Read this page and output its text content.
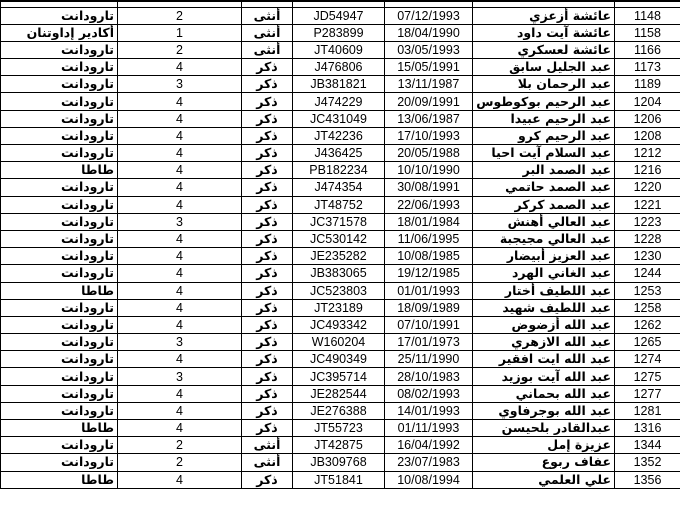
تارودانت	2	أنثى	JD54947	07/12/1993	عائشة أزعزي	1148
أكادير إداوتنان	1	أنثى	P283899	18/04/1990	عائشة آيت داود	1158
تارودانت	2	أنثى	JT40609	03/05/1993	عائشة لعسكري	1166
تارودانت	4	ذكر	J476806	15/05/1991	عبد الجليل سابق	1173
تارودانت	3	ذكر	JB381821	13/11/1987	عبد الرحمان بلا	1189
تارودانت	4	ذكر	J474229	20/09/1991	عبد الرحيم بوكوطوس	1204
تارودانت	4	ذكر	JC431049	13/06/1987	عبد الرحيم عبيدا	1206
تارودانت	4	ذكر	JT42236	17/10/1993	عبد الرحيم كرو	1208
تارودانت	4	ذكر	J436425	20/05/1988	عبد السلام آيت احيا	1212
طاطا	4	ذكر	PB182234	10/10/1990	عبد الصمد البر	1216
تارودانت	4	ذكر	J474354	30/08/1991	عبد الصمد حاتمي	1220
تارودانت	4	ذكر	JT48752	22/06/1993	عبد الصمد كركر	1221
تارودانت	3	ذكر	JC371578	18/01/1984	عبد العالي أهنش	1223
تارودانت	4	ذكر	JC530142	11/06/1995	عبد العالي مجيجبة	1228
تارودانت	4	ذكر	JE235282	10/08/1985	عبد العزيز أبيضار	1230
تارودانت	4	ذكر	JB383065	19/12/1985	عبد الغاني الهرد	1244
طاطا	4	ذكر	JC523803	01/01/1993	عبد اللطيف أختار	1253
تارودانت	4	ذكر	JT23189	18/09/1989	عبد اللطيف شهيد	1258
تارودانت	4	ذكر	JC493342	07/10/1991	عبد الله أزضوض	1262
تارودانت	3	ذكر	W160204	17/01/1973	عبد الله الازهري	1265
تارودانت	4	ذكر	JC490349	25/11/1990	عبد الله ايت افقير	1274
تارودانت	3	ذكر	JC395714	28/10/1983	عبد الله آيت بوزيد	1275
تارودانت	4	ذكر	JE282544	08/02/1993	عبد الله بحماني	1277
تارودانت	4	ذكر	JE276388	14/01/1993	عبد الله بوجرفاوي	1281
طاطا	4	ذكر	JT55723	01/11/1993	عبدالقادر بلحيسن	1316
تارودانت	2	أنثى	JT42875	16/04/1992	عزيزة إمل	1344
تارودانت	2	أنثى	JB309768	23/07/1983	عفاف ربوع	1352
طاطا	4	ذكر	JT51841	10/08/1994	علي العلمي	1356
